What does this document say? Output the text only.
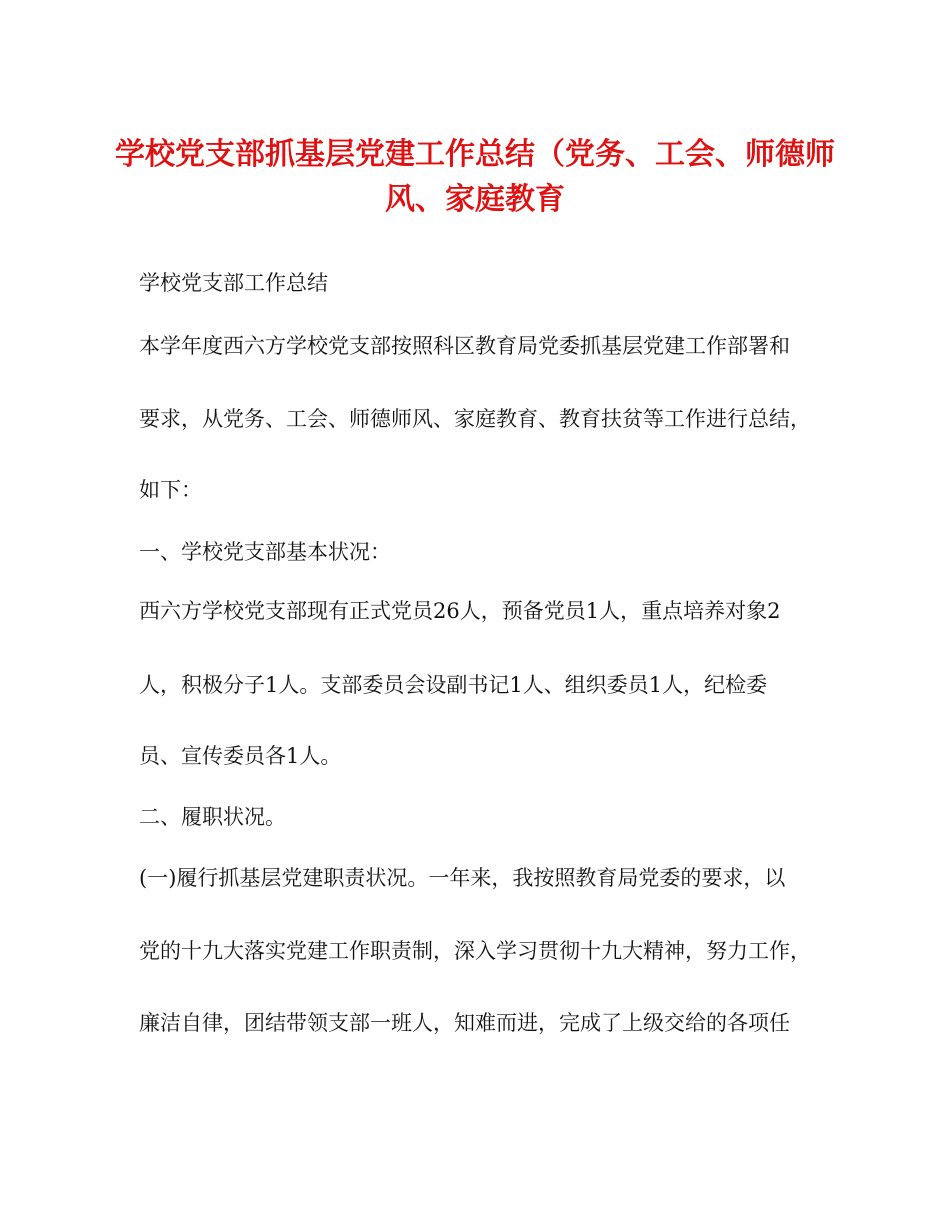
学校党支部抓基层党建工作总结（党务、工会、师德师
风、家庭教育

学校党支部工作总结

本学年度西六方学校党支部按照科区教育局党委抓基层党建工作部署和

要求，从党务、工会、师德师风、家庭教育、教育扶贫等工作进行总结，

如下：

一、学校党支部基本状况：

西六方学校党支部现有正式党员26人，预备党员1人，重点培养对象2

人，积极分子1人。支部委员会设副书记1人、组织委员1人，纪检委

员、宣传委员各1人。

二、履职状况。

(一)履行抓基层党建职责状况。一年来，我按照教育局党委的要求，以

党的十九大落实党建工作职责制，深入学习贯彻十九大精神，努力工作，

廉洁自律，团结带领支部一班人，知难而进，完成了上级交给的各项任
